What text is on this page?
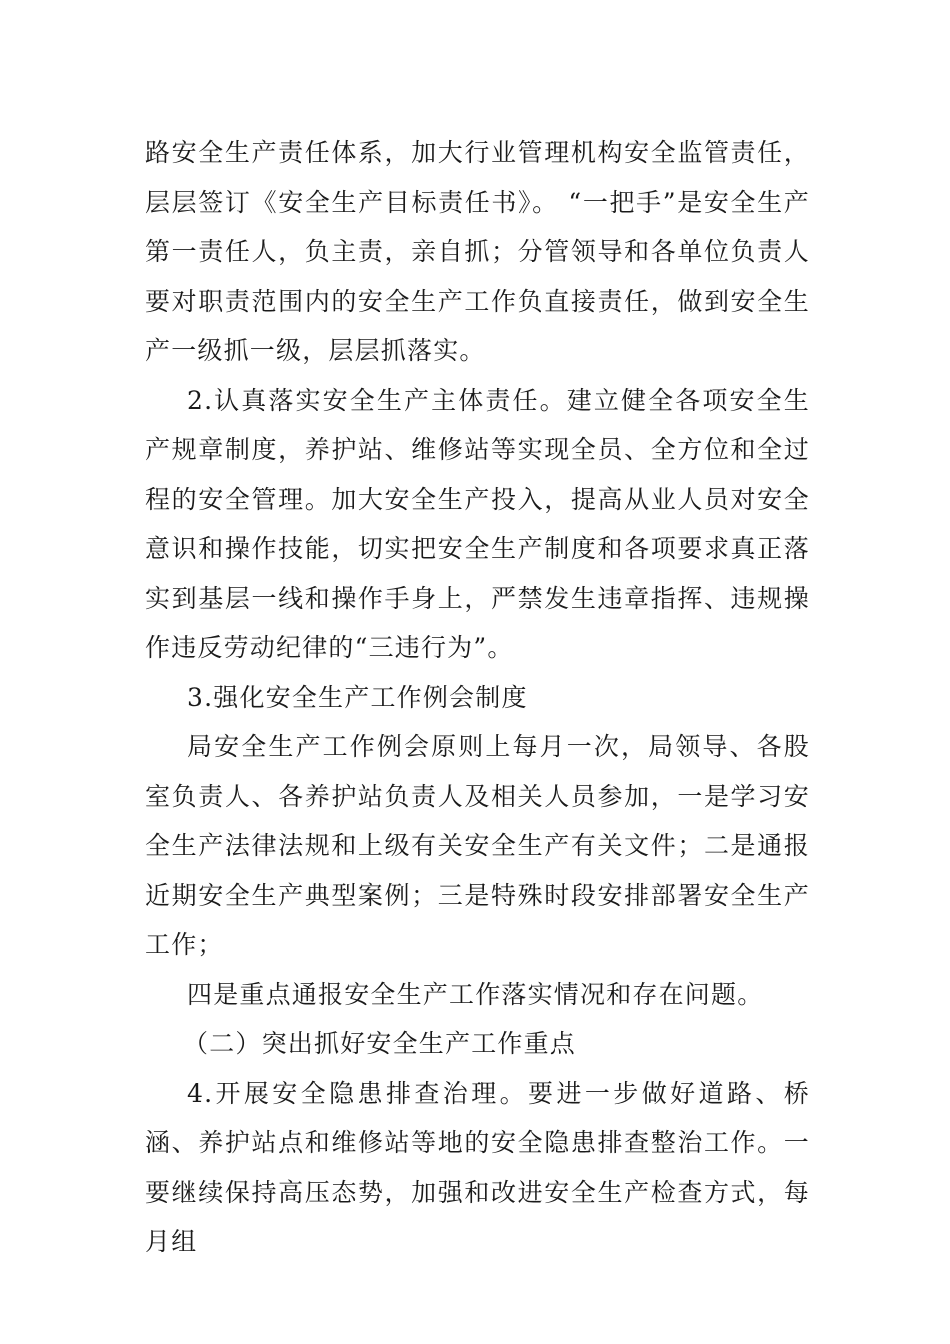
路安全生产责任体系，加大行业管理机构安全监管责任，层层签订《安全生产目标责任书》。 “一把手”是安全生产第一责任人，负主责，亲自抓；分管领导和各单位负责人要对职责范围内的安全生产工作负直接责任，做到安全生产一级抓一级，层层抓落实。

2.认真落实安全生产主体责任。建立健全各项安全生产规章制度，养护站、维修站等实现全员、全方位和全过程的安全管理。加大安全生产投入，提高从业人员对安全意识和操作技能，切实把安全生产制度和各项要求真正落实到基层一线和操作手身上，严禁发生违章指挥、违规操作违反劳动纪律的“三违行为”。

3.强化安全生产工作例会制度

局安全生产工作例会原则上每月一次，局领导、各股室负责人、各养护站负责人及相关人员参加，一是学习安全生产法律法规和上级有关安全生产有关文件；二是通报近期安全生产典型案例；三是特殊时段安排部署安全生产工作；

四是重点通报安全生产工作落实情况和存在问题。

（二）突出抓好安全生产工作重点

4.开展安全隐患排查治理。要进一步做好道路、桥涵、养护站点和维修站等地的安全隐患排查整治工作。一要继续保持高压态势，加强和改进安全生产检查方式，每月组
